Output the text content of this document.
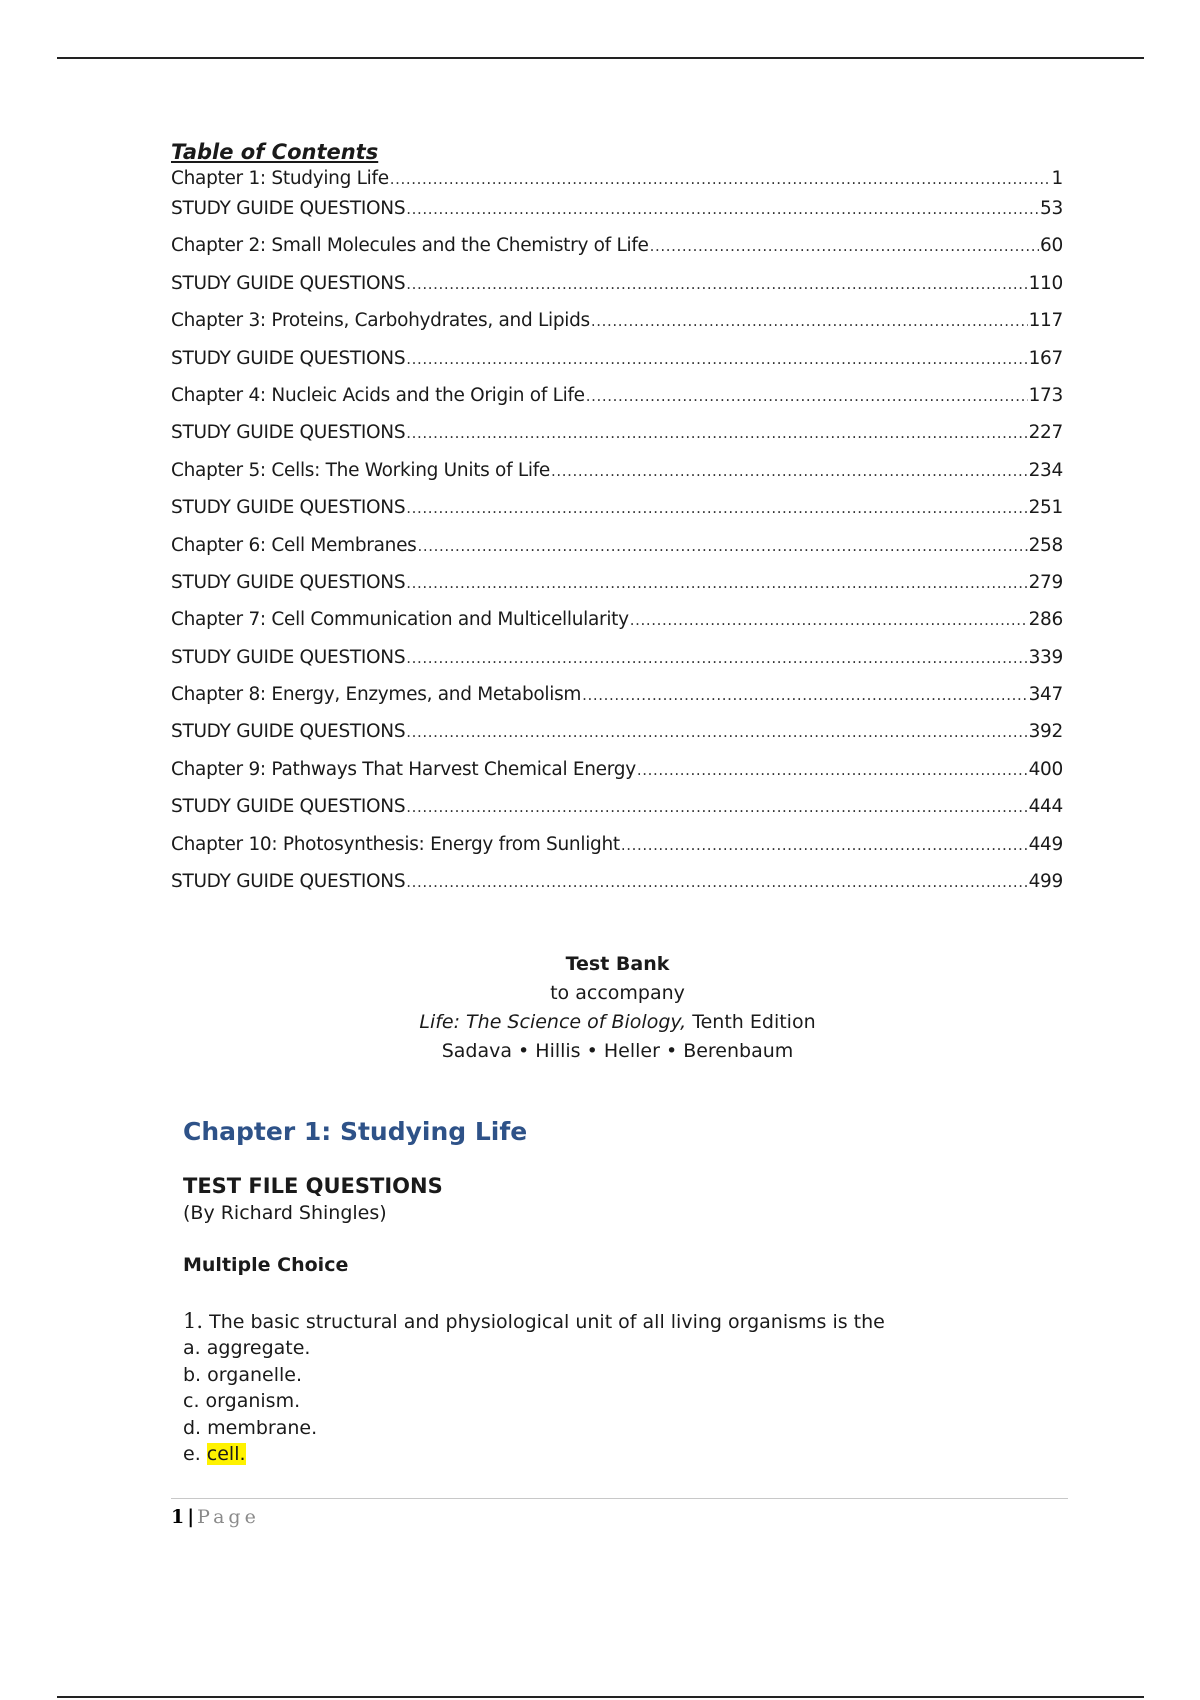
Table of Contents
Chapter 1: Studying Life .....	1
STUDY GUIDE QUESTIONS .....	53
Chapter 2: Small Molecules and the Chemistry of Life .....	60
STUDY GUIDE QUESTIONS .....	110
Chapter 3: Proteins, Carbohydrates, and Lipids .....	117
STUDY GUIDE QUESTIONS .....	167
Chapter 4: Nucleic Acids and the Origin of Life .....	173
STUDY GUIDE QUESTIONS .....	227
Chapter 5: Cells: The Working Units of Life .....	234
STUDY GUIDE QUESTIONS .....	251
Chapter 6: Cell Membranes .....	258
STUDY GUIDE QUESTIONS .....	279
Chapter 7: Cell Communication and Multicellularity .....	286
STUDY GUIDE QUESTIONS .....	339
Chapter 8: Energy, Enzymes, and Metabolism .....	347
STUDY GUIDE QUESTIONS .....	392
Chapter 9: Pathways That Harvest Chemical Energy .....	400
STUDY GUIDE QUESTIONS .....	444
Chapter 10: Photosynthesis: Energy from Sunlight .....	449
STUDY GUIDE QUESTIONS .....	499
Test Bank
to accompany
Life: The Science of Biology, Tenth Edition
Sadava • Hillis • Heller • Berenbaum
Chapter 1: Studying Life
TEST FILE QUESTIONS
(By Richard Shingles)
Multiple Choice
1. The basic structural and physiological unit of all living organisms is the
a. aggregate.
b. organelle.
c. organism.
d. membrane.
e. cell.
1 | Page
